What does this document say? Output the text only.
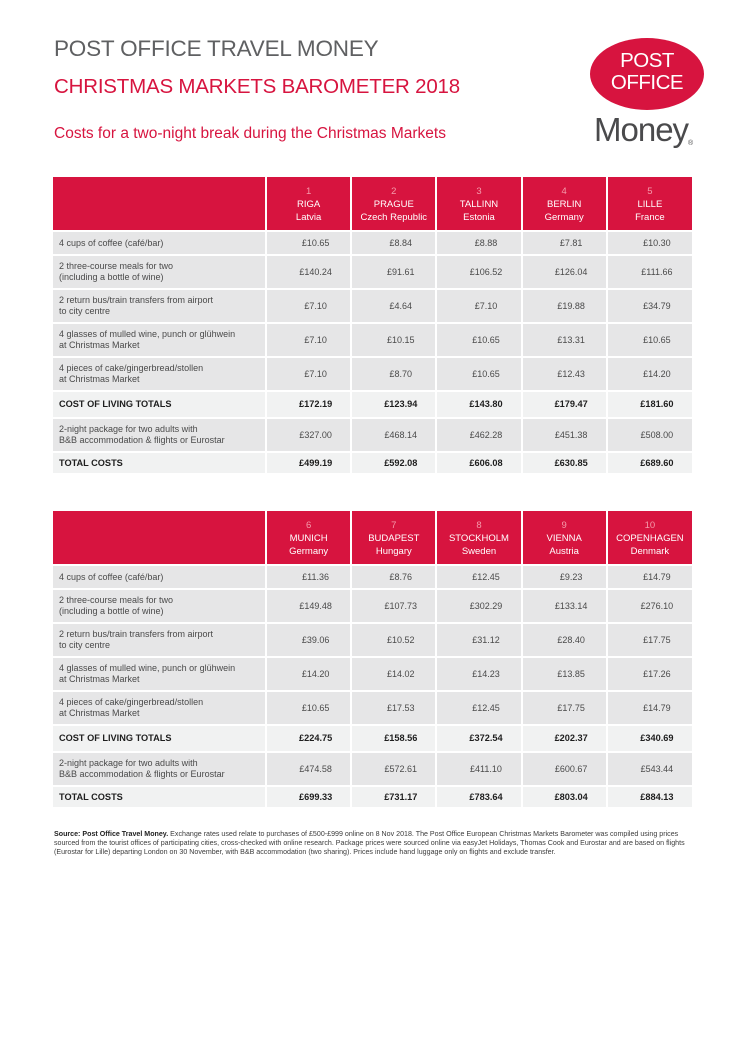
POST OFFICE TRAVEL MONEY
CHRISTMAS MARKETS BAROMETER 2018
Costs for a two-night break during the Christmas Markets
POST
OFFICE
Money ®

	1
RIGA
Latvia	2
PRAGUE
Czech Republic	3
TALLINN
Estonia	4
BERLIN
Germany	5
LILLE
France

4 cups of coffee (café/bar)	£10.65	£8.84	£8.88	£7.81	£10.30

2 three-course meals for two
(including a bottle of wine)	£140.24	£91.61	£106.52	£126.04	£111.66

2 return bus/train transfers from airport
to city centre	£7.10	£4.64	£7.10	£19.88	£34.79

4 glasses of mulled wine, punch or glühwein
at Christmas Market	£7.10	£10.15	£10.65	£13.31	£10.65

4 pieces of cake/gingerbread/stollen
at Christmas Market	£7.10	£8.70	£10.65	£12.43	£14.20
COST OF LIVING TOTALS	£172.19	£123.94	£143.80	£179.47	£181.60

2-night package for two adults with
B&B accommodation & flights or Eurostar	£327.00	£468.14	£462.28	£451.38	£508.00
TOTAL COSTS	£499.19	£592.08	£606.08	£630.85	£689.60

	6
MUNICH
Germany	7
BUDAPEST
Hungary	8
STOCKHOLM
Sweden	9
VIENNA
Austria	10
COPENHAGEN
Denmark

4 cups of coffee (café/bar)	£11.36	£8.76	£12.45	£9.23	£14.79

2 three-course meals for two
(including a bottle of wine)	£149.48	£107.73	£302.29	£133.14	£276.10

2 return bus/train transfers from airport
to city centre	£39.06	£10.52	£31.12	£28.40	£17.75

4 glasses of mulled wine, punch or glühwein
at Christmas Market	£14.20	£14.02	£14.23	£13.85	£17.26

4 pieces of cake/gingerbread/stollen
at Christmas Market	£10.65	£17.53	£12.45	£17.75	£14.79
COST OF LIVING TOTALS	£224.75	£158.56	£372.54	£202.37	£340.69

2-night package for two adults with
B&B accommodation & flights or Eurostar	£474.58	£572.61	£411.10	£600.67	£543.44
TOTAL COSTS	£699.33	£731.17	£783.64	£803.04	£884.13

Source: Post Office Travel Money. Exchange rates used relate to purchases of £500-£999 online on 8 Nov 2018. The Post Office European Christmas Markets Barometer was compiled using prices sourced from the tourist offices of participating cities, cross-checked with online research. Package prices were sourced online via easyJet Holidays, Thomas Cook and Eurostar and are based on flights (Eurostar for Lille) departing London on 30 November, with B&B accommodation (two sharing). Prices include hand luggage only on flights and exclude transfer.
